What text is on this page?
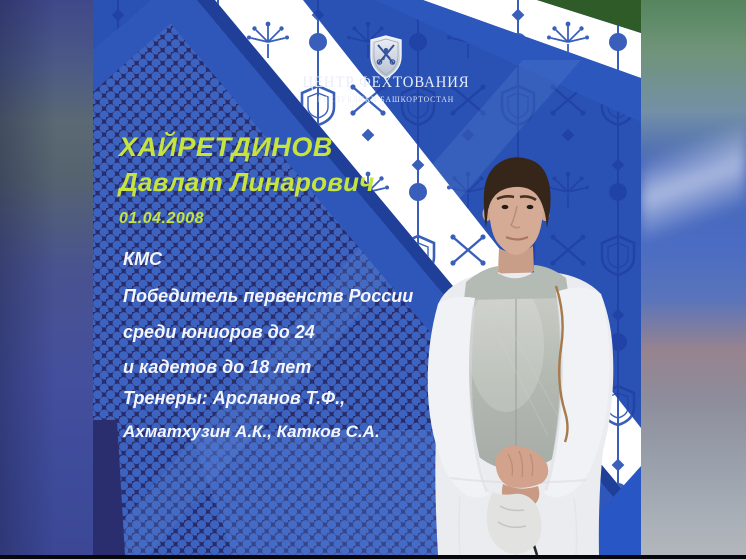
ЦЕНТР ФЕХТОВАНИЯ
РЕСПУБЛИКИ БАШКОРТОСТАН
ХАЙРЕТДИНОВ
Давлат Линарович
01.04.2008
КМС
Победитель первенств России
среди юниоров до 24
и кадетов до 18 лет
Тренеры: Арсланов Т.Ф.,
Ахматхузин А.К., Катков С.А.
